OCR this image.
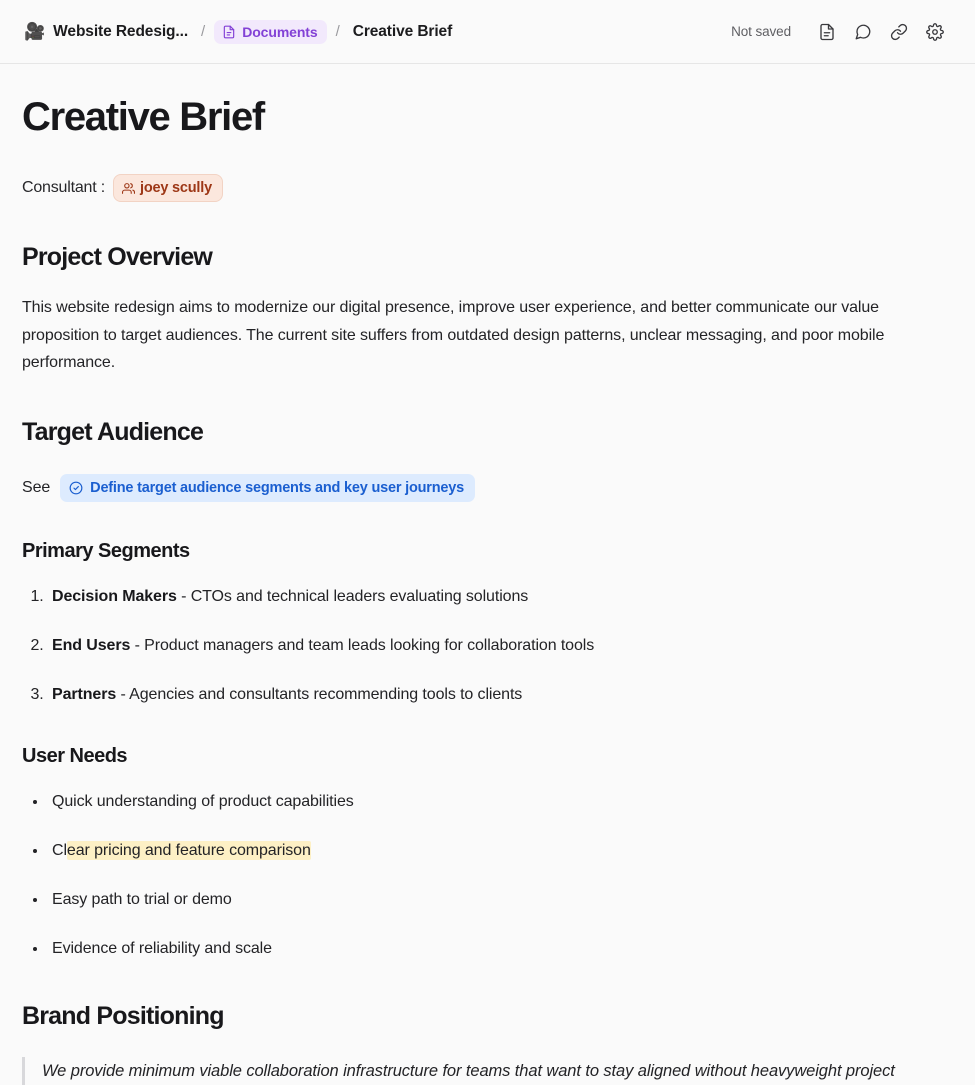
🎥 Website Redesig... /	Documents	/ Creative Brief	Not saved
Creative Brief
Consultant : joey scully
Project Overview

This website redesign aims to modernize our digital presence, improve user experience, and better communicate our value proposition to target audiences. The current site suffers from outdated design patterns, unclear messaging, and poor mobile performance.

Target Audience
See	Define target audience segments and key user journeys
Primary Segments
1. Decision Makers - CTOs and technical leaders evaluating solutions
2. End Users - Product managers and team leads looking for collaboration tools
3. Partners - Agencies and consultants recommending tools to clients
User Needs
• Quick understanding of product capabilities
• Clear pricing and feature comparison
• Easy path to trial or demo
• Evidence of reliability and scale
Brand Positioning
We provide minimum viable collaboration infrastructure for teams that want to stay aligned without heavyweight project
